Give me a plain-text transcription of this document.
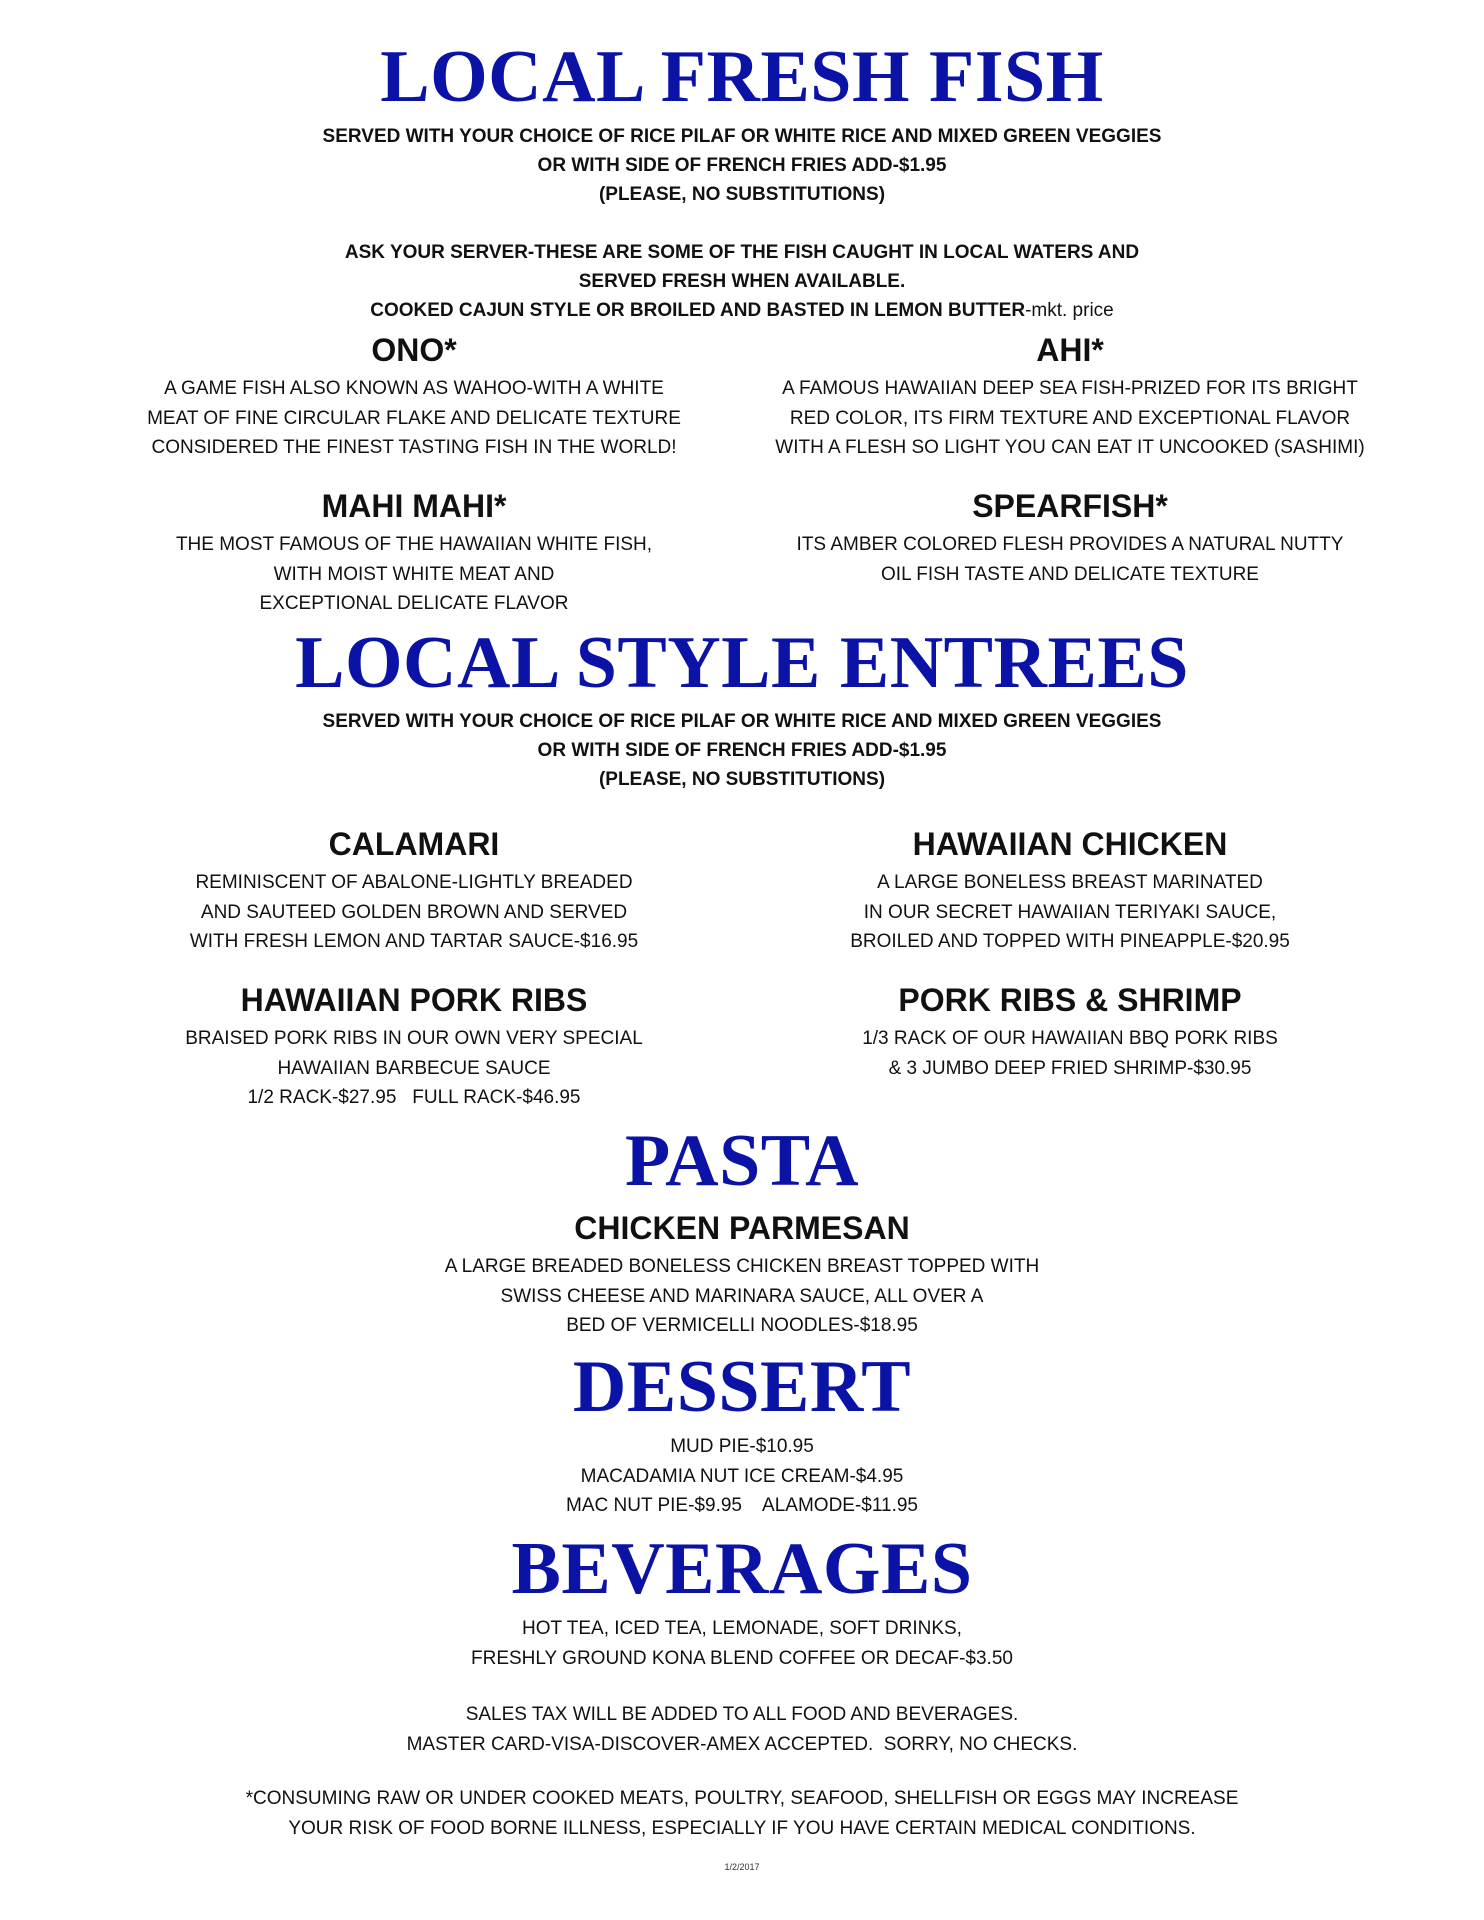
LOCAL FRESH FISH
SERVED WITH YOUR CHOICE OF RICE PILAF OR WHITE RICE AND MIXED GREEN VEGGIES
OR WITH SIDE OF FRENCH FRIES ADD-$1.95
(PLEASE, NO SUBSTITUTIONS)
ASK YOUR SERVER-THESE ARE SOME OF THE FISH CAUGHT IN LOCAL WATERS AND
SERVED FRESH WHEN AVAILABLE.
COOKED CAJUN STYLE OR BROILED AND BASTED IN LEMON BUTTER-mkt. price
ONO*
A GAME FISH ALSO KNOWN AS WAHOO-WITH A WHITE
MEAT OF FINE CIRCULAR FLAKE AND DELICATE TEXTURE
CONSIDERED THE FINEST TASTING FISH IN THE WORLD!
AHI*
A FAMOUS HAWAIIAN DEEP SEA FISH-PRIZED FOR ITS BRIGHT
RED COLOR, ITS FIRM TEXTURE AND EXCEPTIONAL FLAVOR
WITH A FLESH SO LIGHT YOU CAN EAT IT UNCOOKED (SASHIMI)
MAHI MAHI*
THE MOST FAMOUS OF THE HAWAIIAN WHITE FISH,
WITH MOIST WHITE MEAT AND
EXCEPTIONAL DELICATE FLAVOR
SPEARFISH*
ITS AMBER COLORED FLESH PROVIDES A NATURAL NUTTY
OIL FISH TASTE AND DELICATE TEXTURE
LOCAL STYLE ENTREES
SERVED WITH YOUR CHOICE OF RICE PILAF OR WHITE RICE AND MIXED GREEN VEGGIES
OR WITH SIDE OF FRENCH FRIES ADD-$1.95
(PLEASE, NO SUBSTITUTIONS)
CALAMARI
REMINISCENT OF ABALONE-LIGHTLY BREADED
AND SAUTEED GOLDEN BROWN AND SERVED
WITH FRESH LEMON AND TARTAR SAUCE-$16.95
HAWAIIAN CHICKEN
A LARGE BONELESS BREAST MARINATED
IN OUR SECRET HAWAIIAN TERIYAKI SAUCE,
BROILED AND TOPPED WITH PINEAPPLE-$20.95
HAWAIIAN PORK RIBS
BRAISED PORK RIBS IN OUR OWN VERY SPECIAL
HAWAIIAN BARBECUE SAUCE
1/2 RACK-$27.95   FULL RACK-$46.95
PORK RIBS & SHRIMP
1/3 RACK OF OUR HAWAIIAN BBQ PORK RIBS
& 3 JUMBO DEEP FRIED SHRIMP-$30.95
PASTA
CHICKEN PARMESAN
A LARGE BREADED BONELESS CHICKEN BREAST TOPPED WITH
SWISS CHEESE AND MARINARA SAUCE, ALL OVER A
BED OF VERMICELLI NOODLES-$18.95
DESSERT
MUD PIE-$10.95
MACADAMIA NUT ICE CREAM-$4.95
MAC NUT PIE-$9.95    ALAMODE-$11.95
BEVERAGES
HOT TEA, ICED TEA, LEMONADE, SOFT DRINKS,
FRESHLY GROUND KONA BLEND COFFEE OR DECAF-$3.50
SALES TAX WILL BE ADDED TO ALL FOOD AND BEVERAGES.
MASTER CARD-VISA-DISCOVER-AMEX ACCEPTED.  SORRY, NO CHECKS.
*CONSUMING RAW OR UNDER COOKED MEATS, POULTRY, SEAFOOD, SHELLFISH OR EGGS MAY INCREASE
YOUR RISK OF FOOD BORNE ILLNESS, ESPECIALLY IF YOU HAVE CERTAIN MEDICAL CONDITIONS.
1/2/2017
